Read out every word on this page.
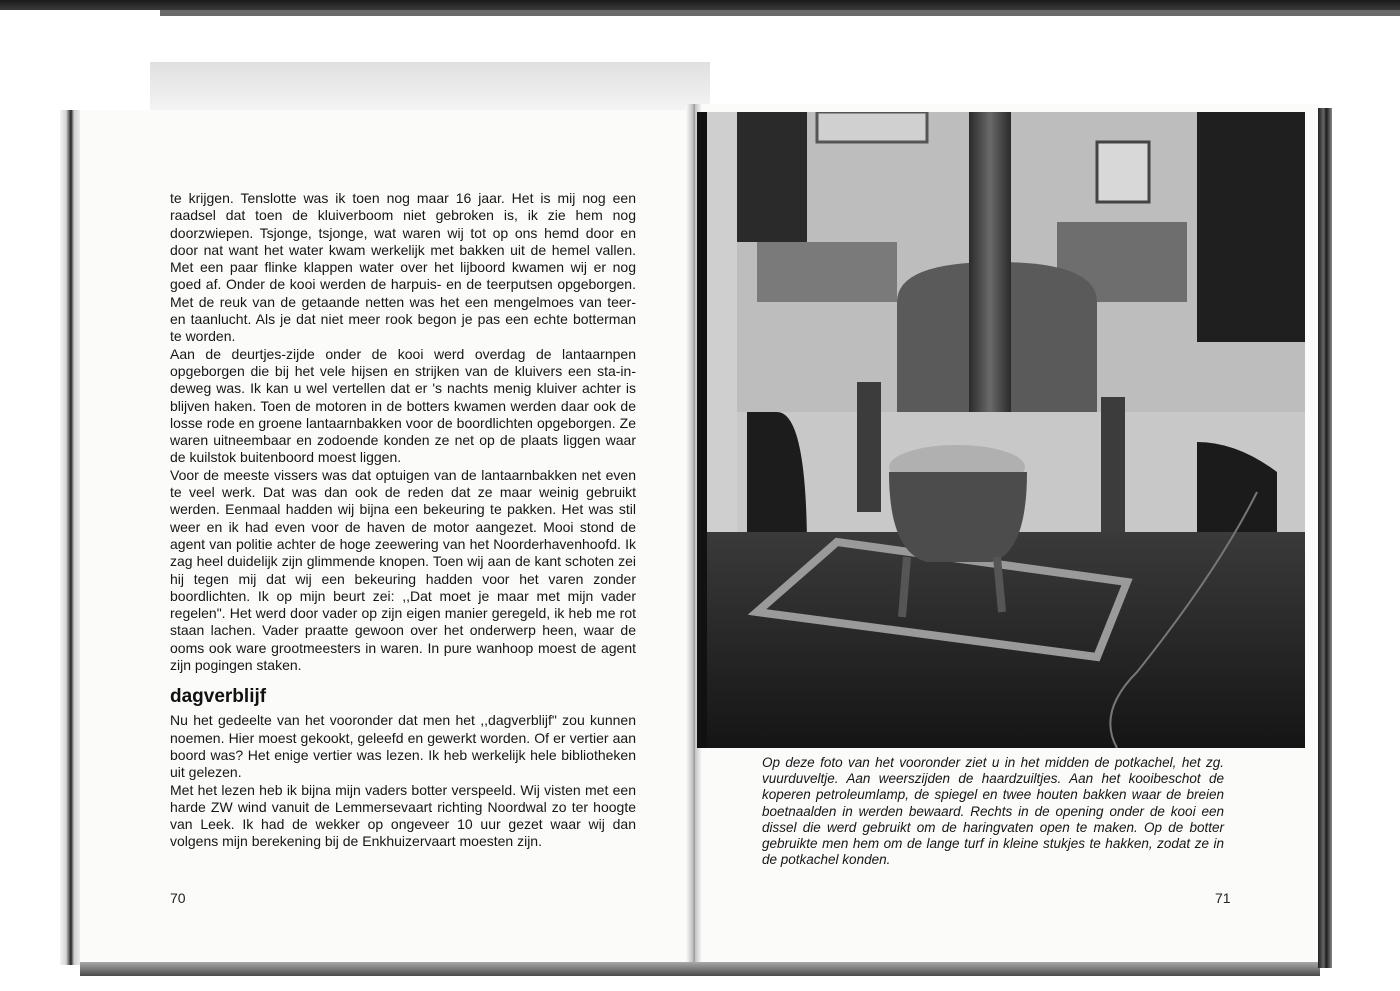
te krijgen. Tenslotte was ik toen nog maar 16 jaar. Het is mij nog een raadsel dat toen de kluiverboom niet gebroken is, ik zie hem nog doorzwiepen. Tsjonge, tsjonge, wat waren wij tot op ons hemd door en door nat want het water kwam werkelijk met bakken uit de hemel vallen. Met een paar flinke klappen water over het lijboord kwamen wij er nog goed af. Onder de kooi werden de harpuis- en de teerputsen opgeborgen. Met de reuk van de getaande netten was het een mengelmoes van teer- en taanlucht. Als je dat niet meer rook begon je pas een echte botterman te worden.

Aan de deurtjes-zijde onder de kooi werd overdag de lantaarnpen opgeborgen die bij het vele hijsen en strijken van de kluivers een sta-in-deweg was. Ik kan u wel vertellen dat er 's nachts menig kluiver achter is blijven haken. Toen de motoren in de botters kwamen werden daar ook de losse rode en groene lantaarnbakken voor de boordlichten opgeborgen. Ze waren uitneembaar en zodoende konden ze net op de plaats liggen waar de kuilstok buitenboord moest liggen.

Voor de meeste vissers was dat optuigen van de lantaarnbakken net even te veel werk. Dat was dan ook de reden dat ze maar weinig gebruikt werden. Eenmaal hadden wij bijna een bekeuring te pakken. Het was stil weer en ik had even voor de haven de motor aangezet. Mooi stond de agent van politie achter de hoge zeewering van het Noorderhavenhoofd. Ik zag heel duidelijk zijn glimmende knopen. Toen wij aan de kant schoten zei hij tegen mij dat wij een bekeuring hadden voor het varen zonder boordlichten. Ik op mijn beurt zei: ,,Dat moet je maar met mijn vader regelen". Het werd door vader op zijn eigen manier geregeld, ik heb me rot staan lachen. Vader praatte gewoon over het onderwerp heen, waar de ooms ook ware grootmeesters in waren. In pure wanhoop moest de agent zijn pogingen staken.

dagverblijf

Nu het gedeelte van het vooronder dat men het ,,dagverblijf" zou kunnen noemen. Hier moest gekookt, geleefd en gewerkt worden. Of er vertier aan boord was? Het enige vertier was lezen. Ik heb werkelijk hele bibliotheken uit gelezen.

Met het lezen heb ik bijna mijn vaders botter verspeeld. Wij visten met een harde ZW wind vanuit de Lemmersevaart richting Noordwal zo ter hoogte van Leek. Ik had de wekker op ongeveer 10 uur gezet waar wij dan volgens mijn berekening bij de Enkhuizervaart moesten zijn.

70
Op deze foto van het vooronder ziet u in het midden de potkachel, het zg. vuurduveltje. Aan weerszijden de haardzuiltjes. Aan het kooibeschot de koperen petroleumlamp, de spiegel en twee houten bakken waar de breien boetnaalden in werden bewaard. Rechts in de opening onder de kooi een dissel die werd gebruikt om de haringvaten open te maken. Op de botter gebruikte men hem om de lange turf in kleine stukjes te hakken, zodat ze in de potkachel konden.
71
